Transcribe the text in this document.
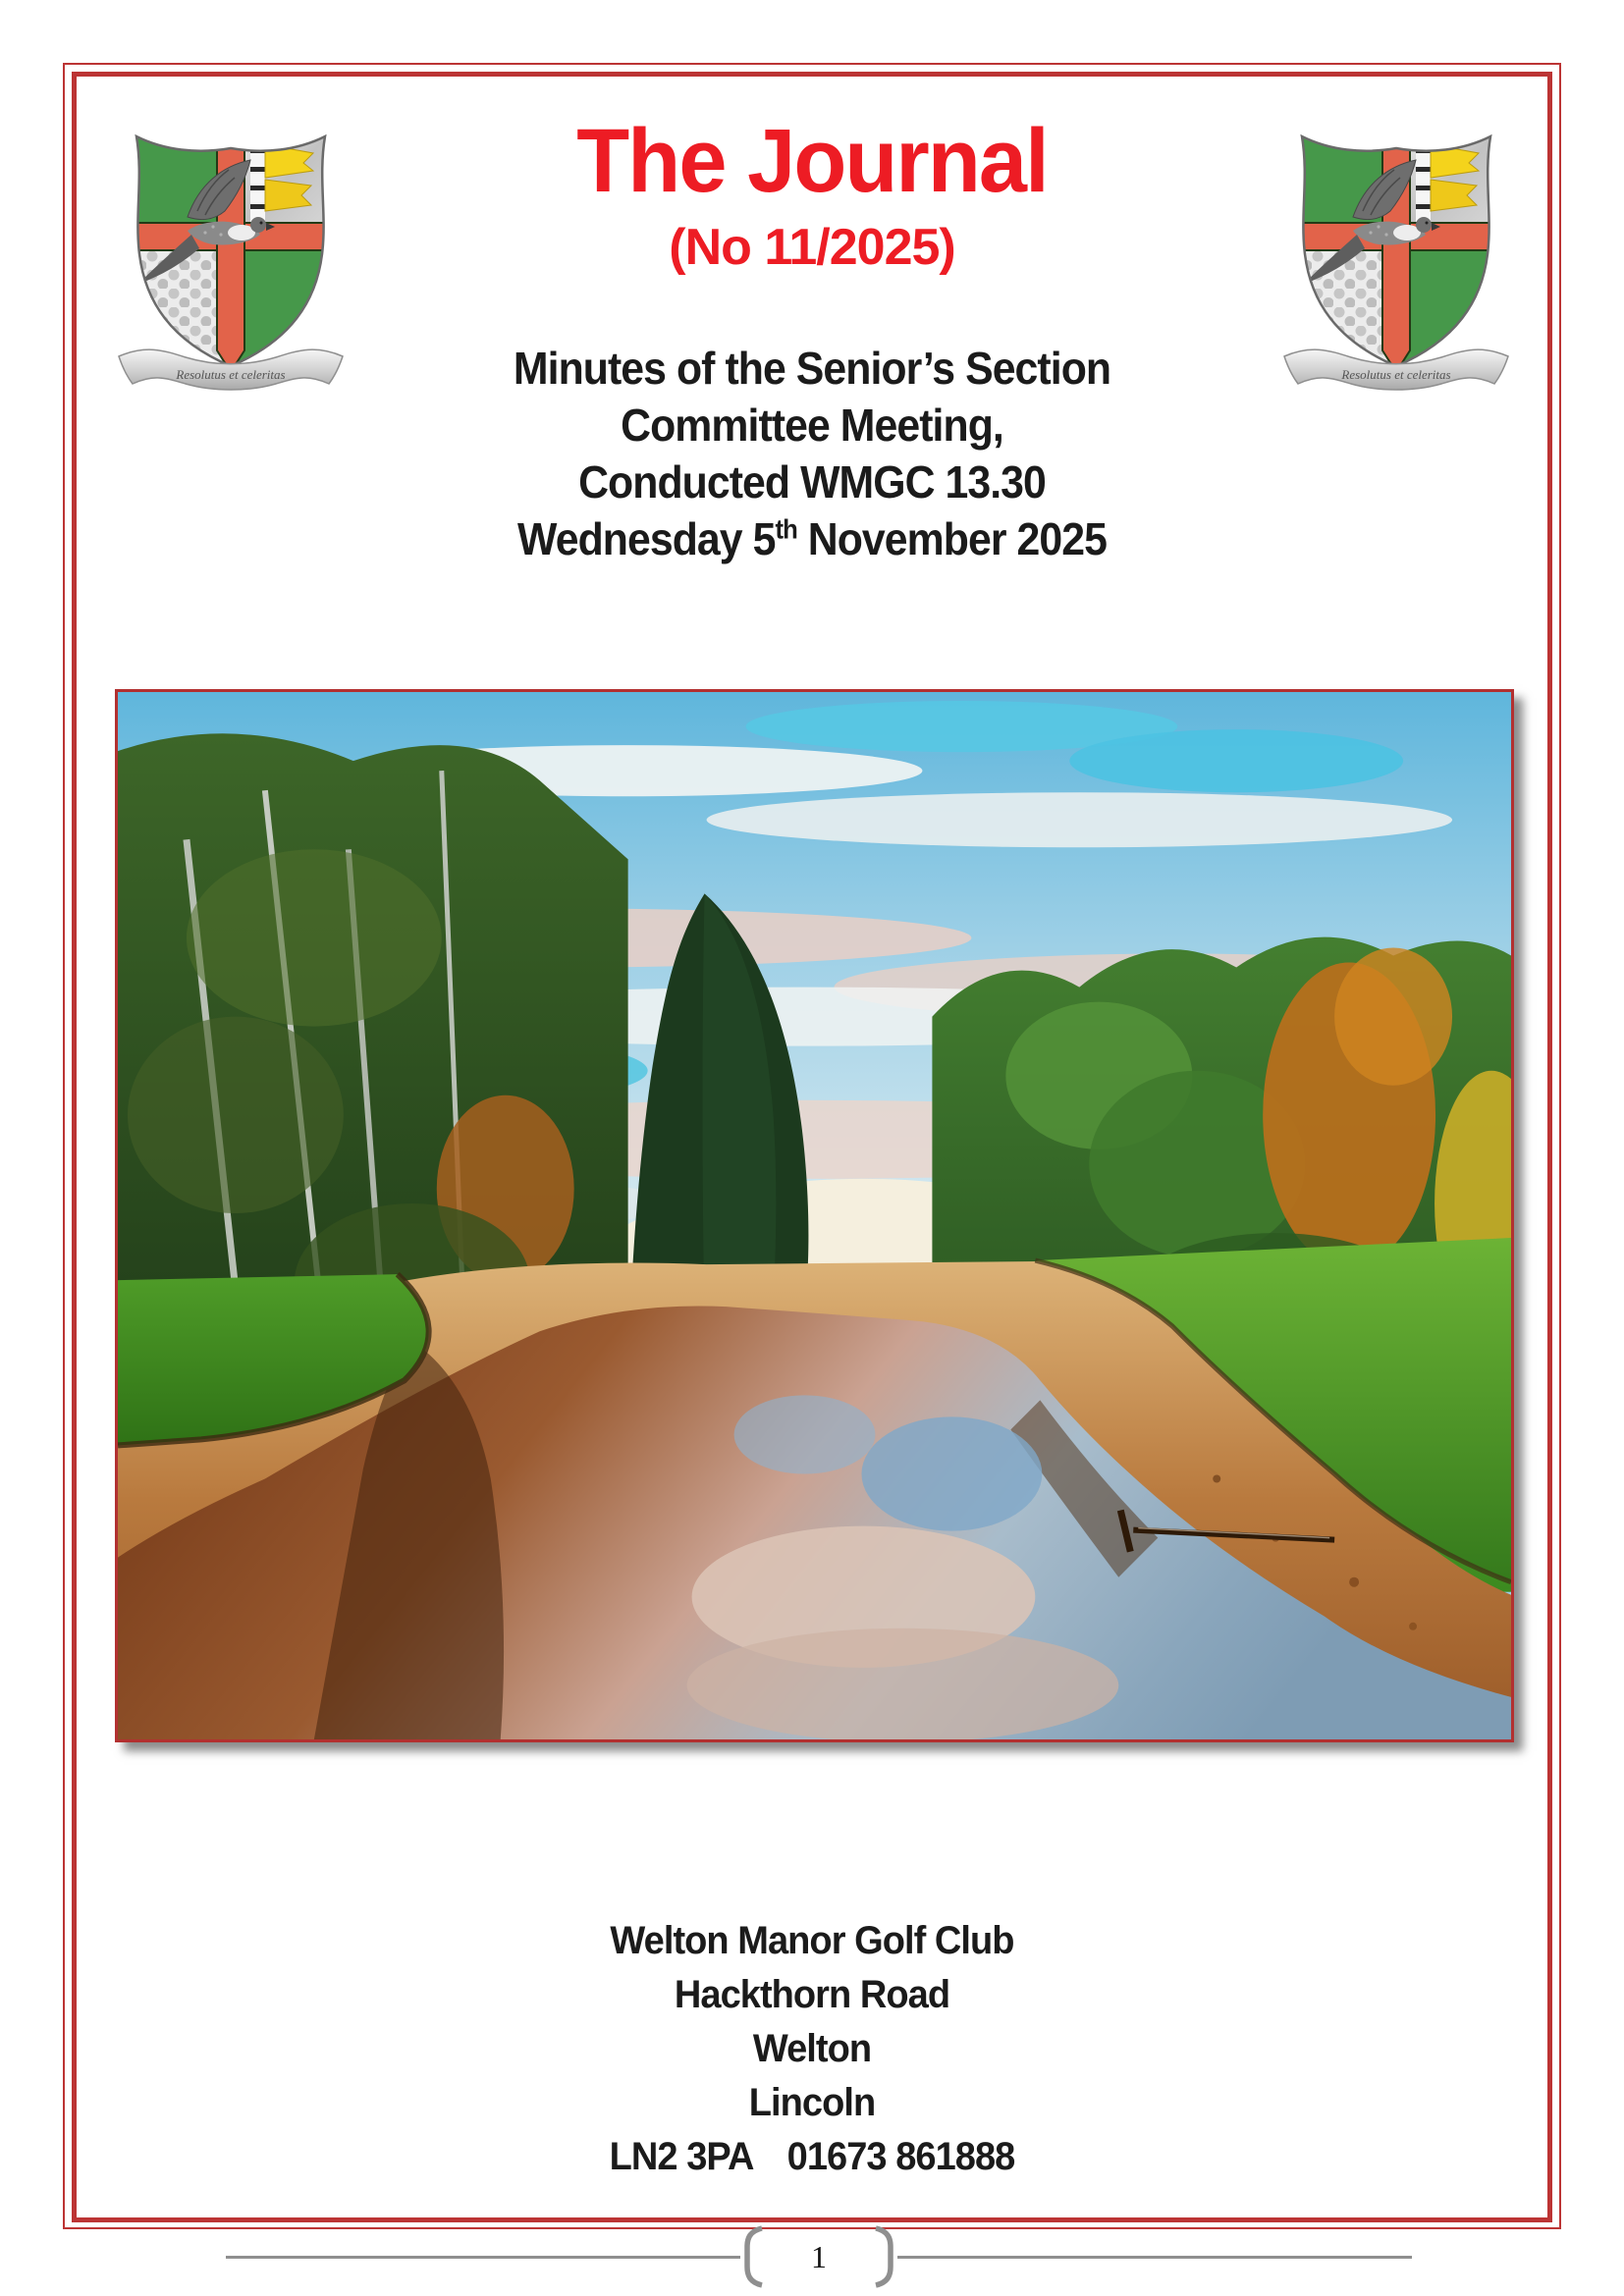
The Journal
(No 11/2025)
Minutes of the Senior’s Section
Committee Meeting,
Conducted WMGC 13.30
Wednesday 5th November 2025
Welton Manor Golf Club
Hackthorn Road
Welton
Lincoln
LN2 3PA 01673 861888
1
